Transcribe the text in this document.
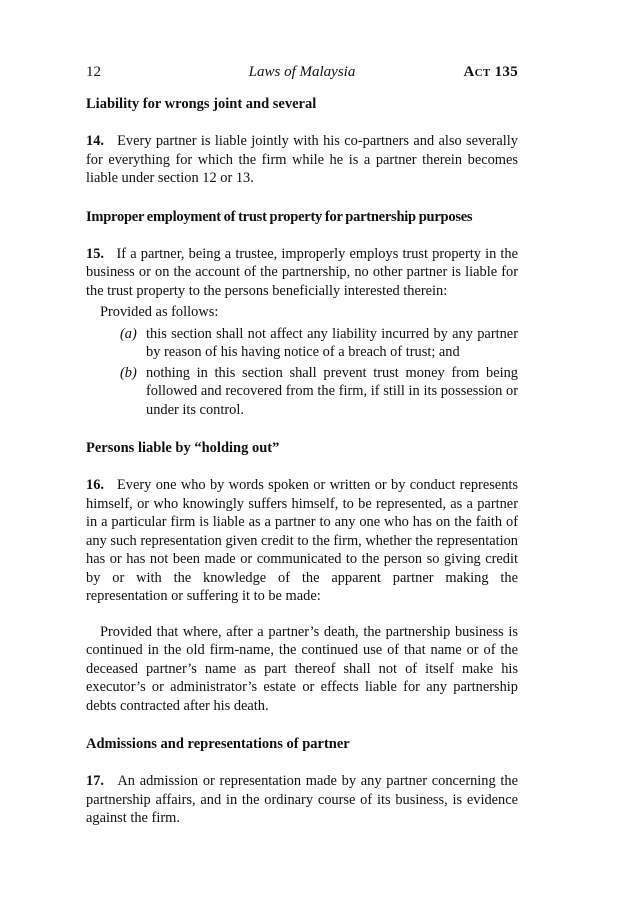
12	Laws of Malaysia	Act 135
Liability for wrongs joint and several
14. Every partner is liable jointly with his co-partners and also severally for everything for which the firm while he is a partner therein becomes liable under section 12 or 13.
Improper employment of trust property for partnership purposes
15. If a partner, being a trustee, improperly employs trust property in the business or on the account of the partnership, no other partner is liable for the trust property to the persons beneficially interested therein:
Provided as follows:
(a) this section shall not affect any liability incurred by any partner by reason of his having notice of a breach of trust; and
(b) nothing in this section shall prevent trust money from being followed and recovered from the firm, if still in its possession or under its control.
Persons liable by “holding out”
16. Every one who by words spoken or written or by conduct represents himself, or who knowingly suffers himself, to be represented, as a partner in a particular firm is liable as a partner to any one who has on the faith of any such representation given credit to the firm, whether the representation has or has not been made or communicated to the person so giving credit by or with the knowledge of the apparent partner making the representation or suffering it to be made:
Provided that where, after a partner’s death, the partnership business is continued in the old firm-name, the continued use of that name or of the deceased partner’s name as part thereof shall not of itself make his executor’s or administrator’s estate or effects liable for any partnership debts contracted after his death.
Admissions and representations of partner
17. An admission or representation made by any partner concerning the partnership affairs, and in the ordinary course of its business, is evidence against the firm.
